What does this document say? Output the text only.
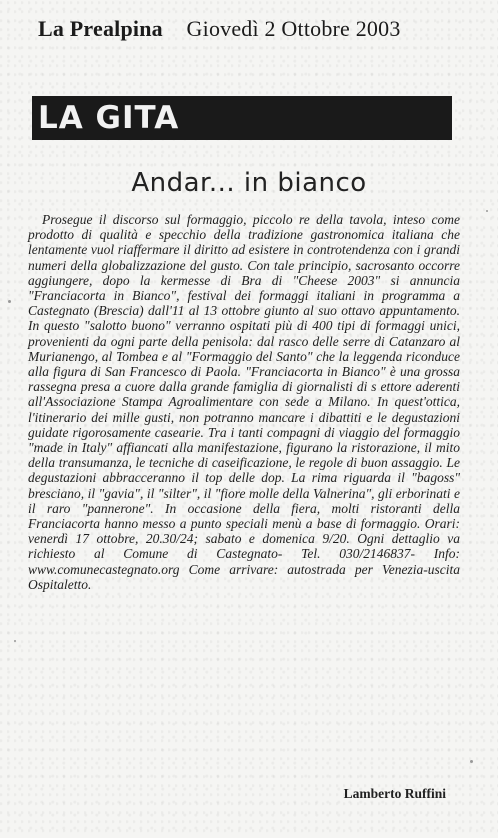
La Prealpina Giovedì 2 Ottobre 2003
LA GITA
Andar... in bianco

Prosegue il discorso sul formaggio, piccolo re della tavola, inteso come prodotto di qualità e specchio della tradizione gastronomica italiana che lentamente vuol riaffermare il diritto ad esistere in controtendenza con i grandi numeri della globalizzazione del gusto. Con tale principio, sacrosanto occorre aggiungere, dopo la kermesse di Bra di "Cheese 2003" si annuncia "Franciacorta in Bianco", festival dei formaggi italiani in programma a Castegnato (Brescia) dall'11 al 13 ottobre giunto al suo ottavo appuntamento. In questo "salotto buono" verranno ospitati più di 400 tipi di formaggi unici, provenienti da ogni parte della penisola: dal rasco delle serre di Catanzaro al Murianengo, al Tombea e al "Formaggio del Santo" che la leggenda riconduce alla figura di San Francesco di Paola. "Franciacorta in Bianco" è una grossa rassegna presa a cuore dalla grande famiglia di giornalisti di s ettore aderenti all'Associazione Stampa Agroalimentare con sede a Milano. In quest'ottica, l'itinerario dei mille gusti, non potranno mancare i dibattiti e le degustazioni guidate rigorosamente casearie. Tra i tanti compagni di viaggio del formaggio "made in Italy" affiancati alla manifestazione, figurano la ristorazione, il mito della transumanza, le tecniche di caseificazione, le regole di buon assaggio. Le degustazioni abbracceranno il top delle dop. La rima riguarda il "bagoss" bresciano, il "gavia", il "silter", il "fiore molle della Valnerina", gli erborinati e il raro "pannerone". In occasione della fiera, molti ristoranti della Franciacorta hanno messo a punto speciali menù a base di formaggio. Orari: venerdì 17 ottobre, 20.30/24; sabato e domenica 9/20. Ogni dettaglio va richiesto al Comune di Castegnato- Tel. 030/2146837- Info: www.comunecastegnato.org Come arrivare: autostrada per Venezia-uscita Ospitaletto.

Lamberto Ruffini
